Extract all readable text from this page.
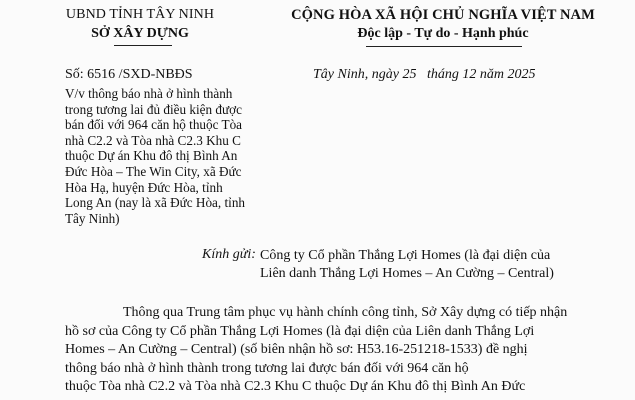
UBND TỈNH TÂY NINH
SỞ XÂY DỰNG
CỘNG HÒA XÃ HỘI CHỦ NGHĨA VIỆT NAM
Độc lập - Tự do - Hạnh phúc
Số: 6516 /SXD-NBĐS	Tây Ninh, ngày 25 tháng 12 năm 2025
V/v thông báo nhà ở hình thành
trong tương lai đủ điều kiện được
bán đối với 964 căn hộ thuộc Tòa
nhà C2.2 và Tòa nhà C2.3 Khu C
thuộc Dự án Khu đô thị Bình An
Đức Hòa – The Win City, xã Đức
Hòa Hạ, huyện Đức Hòa, tỉnh
Long An (nay là xã Đức Hòa, tỉnh
Tây Ninh)
Kính gửi: Công ty Cổ phần Thắng Lợi Homes (là đại diện của
Liên danh Thắng Lợi Homes – An Cường – Central)
Thông qua Trung tâm phục vụ hành chính công tỉnh, Sở Xây dựng có tiếp nhận
hồ sơ của Công ty Cổ phần Thắng Lợi Homes (là đại diện của Liên danh Thắng Lợi
Homes – An Cường – Central) (số biên nhận hồ sơ: H53.16-251218-1533) đề nghị
thông báo nhà ở hình thành trong tương lai được bán đối với 964 căn hộ
thuộc Tòa nhà C2.2 và Tòa nhà C2.3 Khu C thuộc Dự án Khu đô thị Bình An Đức
